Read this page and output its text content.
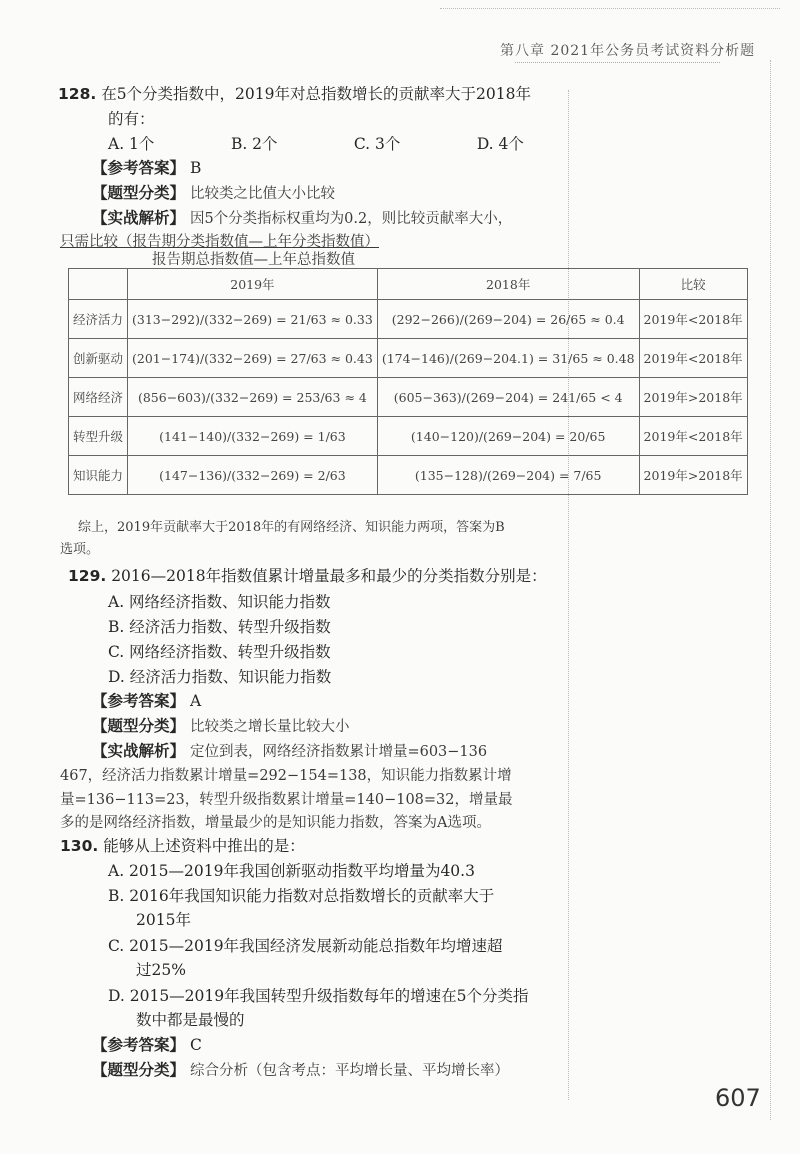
第八章 2021年公务员考试资料分析题
128. 在5个分类指数中，2019年对总指数增长的贡献率大于2018年
的有：
A. 1个	B. 2个	C. 3个	D. 4个
【参考答案】 B
【题型分类】 比较类之比值大小比较
【实战解析】 因5个分类指标权重均为0.2，则比较贡献率大小，
只需比较（报告期分类指数值—上年分类指数值）
报告期总指数值—上年总指数值
	2019年	2018年	比较
经济活力	(313−292)/(332−269) = 21/63 ≈ 0.33	(292−266)/(269−204) = 26/65 ≈ 0.4	2019年<2018年
创新驱动	(201−174)/(332−269) = 27/63 ≈ 0.43	(174−146)/(269−204.1) = 31/65 ≈ 0.48	2019年<2018年
网络经济	(856−603)/(332−269) = 253/63 ≈ 4	(605−363)/(269−204) = 241/65 < 4	2019年>2018年
转型升级	(141−140)/(332−269) = 1/63	(140−120)/(269−204) = 20/65	2019年<2018年
知识能力	(147−136)/(332−269) = 2/63	(135−128)/(269−204) = 7/65	2019年>2018年
综上，2019年贡献率大于2018年的有网络经济、知识能力两项，答案为B
选项。
129. 2016—2018年指数值累计增量最多和最少的分类指数分别是：
A. 网络经济指数、知识能力指数
B. 经济活力指数、转型升级指数
C. 网络经济指数、转型升级指数
D. 经济活力指数、知识能力指数
【参考答案】 A
【题型分类】 比较类之增长量比较大小
【实战解析】 定位到表，网络经济指数累计增量=603−136
467，经济活力指数累计增量=292−154=138，知识能力指数累计增
量=136−113=23，转型升级指数累计增量=140−108=32，增量最
多的是网络经济指数，增量最少的是知识能力指数，答案为A选项。
130. 能够从上述资料中推出的是：
A. 2015—2019年我国创新驱动指数平均增量为40.3
B. 2016年我国知识能力指数对总指数增长的贡献率大于
2015年
C. 2015—2019年我国经济发展新动能总指数年均增速超
过25%
D. 2015—2019年我国转型升级指数每年的增速在5个分类指
数中都是最慢的
【参考答案】 C
【题型分类】 综合分析（包含考点：平均增长量、平均增长率）
607
